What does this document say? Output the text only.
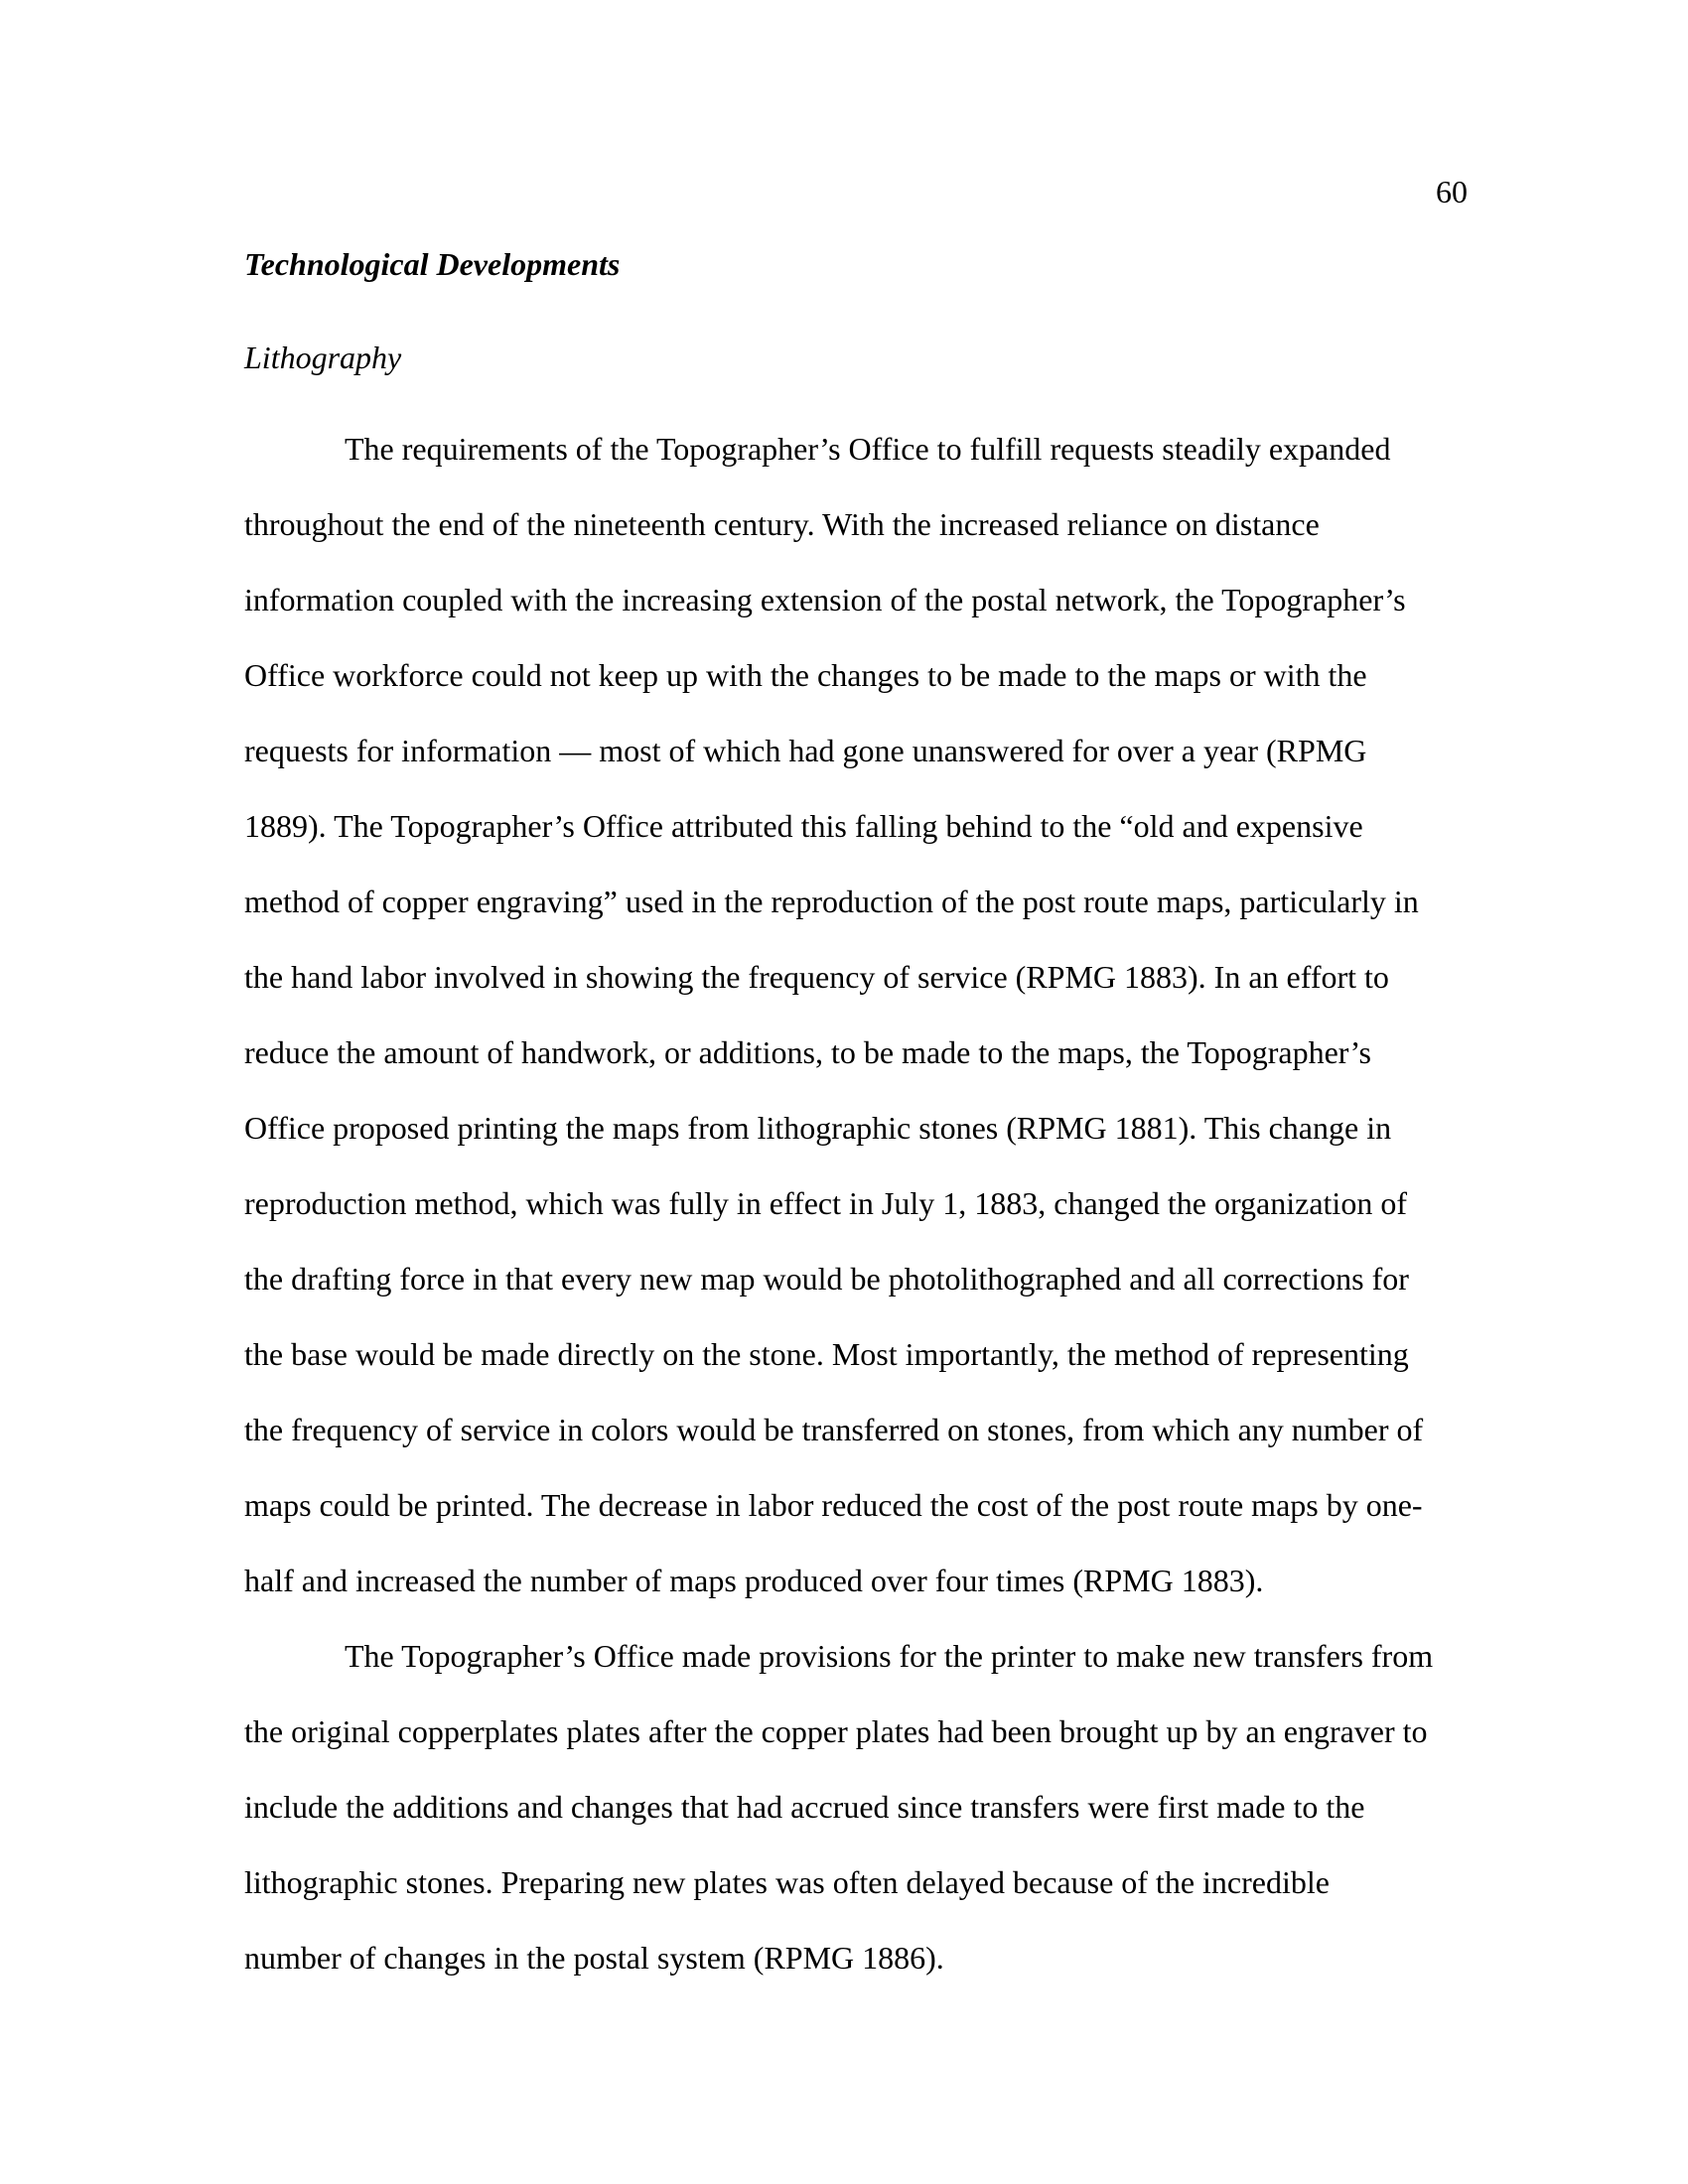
60
Technological Developments
Lithography

The requirements of the Topographer’s Office to fulfill requests steadily expanded
throughout the end of the nineteenth century. With the increased reliance on distance
information coupled with the increasing extension of the postal network, the Topographer’s
Office workforce could not keep up with the changes to be made to the maps or with the
requests for information — most of which had gone unanswered for over a year (RPMG
1889). The Topographer’s Office attributed this falling behind to the “old and expensive
method of copper engraving” used in the reproduction of the post route maps, particularly in
the hand labor involved in showing the frequency of service (RPMG 1883). In an effort to
reduce the amount of handwork, or additions, to be made to the maps, the Topographer’s
Office proposed printing the maps from lithographic stones (RPMG 1881). This change in
reproduction method, which was fully in effect in July 1, 1883, changed the organization of
the drafting force in that every new map would be photolithographed and all corrections for
the base would be made directly on the stone. Most importantly, the method of representing
the frequency of service in colors would be transferred on stones, from which any number of
maps could be printed. The decrease in labor reduced the cost of the post route maps by one-
half and increased the number of maps produced over four times (RPMG 1883).

The Topographer’s Office made provisions for the printer to make new transfers from
the original copperplates plates after the copper plates had been brought up by an engraver to
include the additions and changes that had accrued since transfers were first made to the
lithographic stones. Preparing new plates was often delayed because of the incredible
number of changes in the postal system (RPMG 1886).
